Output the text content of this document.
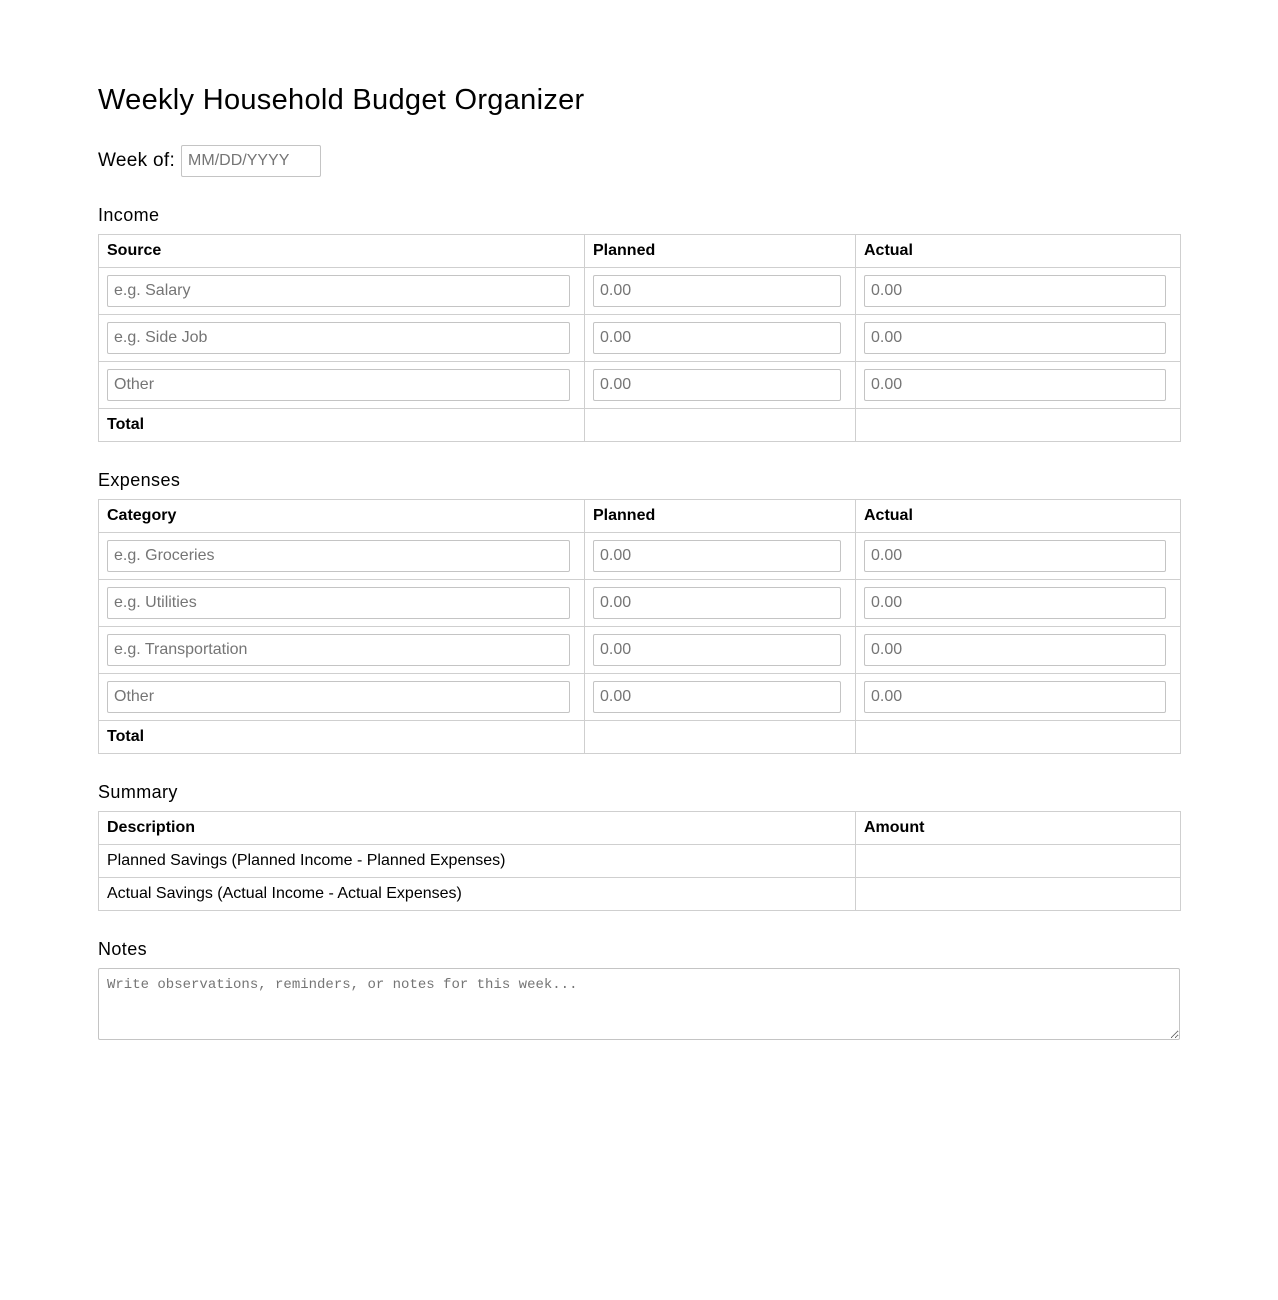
Weekly Household Budget Organizer
Week of:
MM/DD/YYYY
Income
Source	Planned	Actual
e.g. Salary	0.00	0.00
e.g. Side Job	0.00	0.00
Other	0.00	0.00
Total		
Expenses
Category	Planned	Actual
e.g. Groceries	0.00	0.00
e.g. Utilities	0.00	0.00
e.g. Transportation	0.00	0.00
Other	0.00	0.00
Total		
Summary
Description	Amount
Planned Savings (Planned Income - Planned Expenses)	
Actual Savings (Actual Income - Actual Expenses)	
Notes
Write observations, reminders, or notes for this week...
